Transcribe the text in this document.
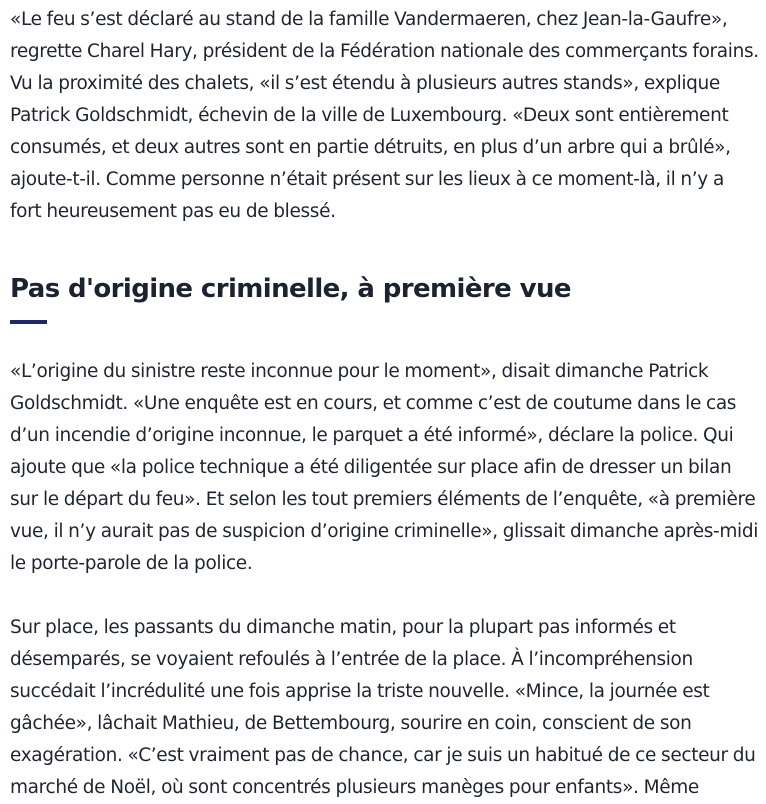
«Le feu s’est déclaré au stand de la famille Vandermaeren, chez Jean-la-Gaufre», regrette Charel Hary, président de la Fédération nationale des commerçants forains. Vu la proximité des chalets, «il s’est étendu à plusieurs autres stands», explique Patrick Goldschmidt, échevin de la ville de Luxembourg. «Deux sont entièrement consumés, et deux autres sont en partie détruits, en plus d’un arbre qui a brûlé», ajoute-t-il. Comme personne n’était présent sur les lieux à ce moment-là, il n’y a fort heureusement pas eu de blessé.

Pas d'origine criminelle, à première vue

«L’origine du sinistre reste inconnue pour le moment», disait dimanche Patrick Goldschmidt. «Une enquête est en cours, et comme c’est de coutume dans le cas d’un incendie d’origine inconnue, le parquet a été informé», déclare la police. Qui ajoute que «la police technique a été diligentée sur place afin de dresser un bilan sur le départ du feu». Et selon les tout premiers éléments de l’enquête, «à première vue, il n’y aurait pas de suspicion d’origine criminelle», glissait dimanche après-midi le porte-parole de la police.

Sur place, les passants du dimanche matin, pour la plupart pas informés et désemparés, se voyaient refoulés à l’entrée de la place. À l’incompréhension succédait l’incrédulité une fois apprise la triste nouvelle. «Mince, la journée est gâchée», lâchait Mathieu, de Bettembourg, sourire en coin, conscient de son exagération. «C’est vraiment pas de chance, car je suis un habitué de ce secteur du marché de Noël, où sont concentrés plusieurs manèges pour enfants». Même
